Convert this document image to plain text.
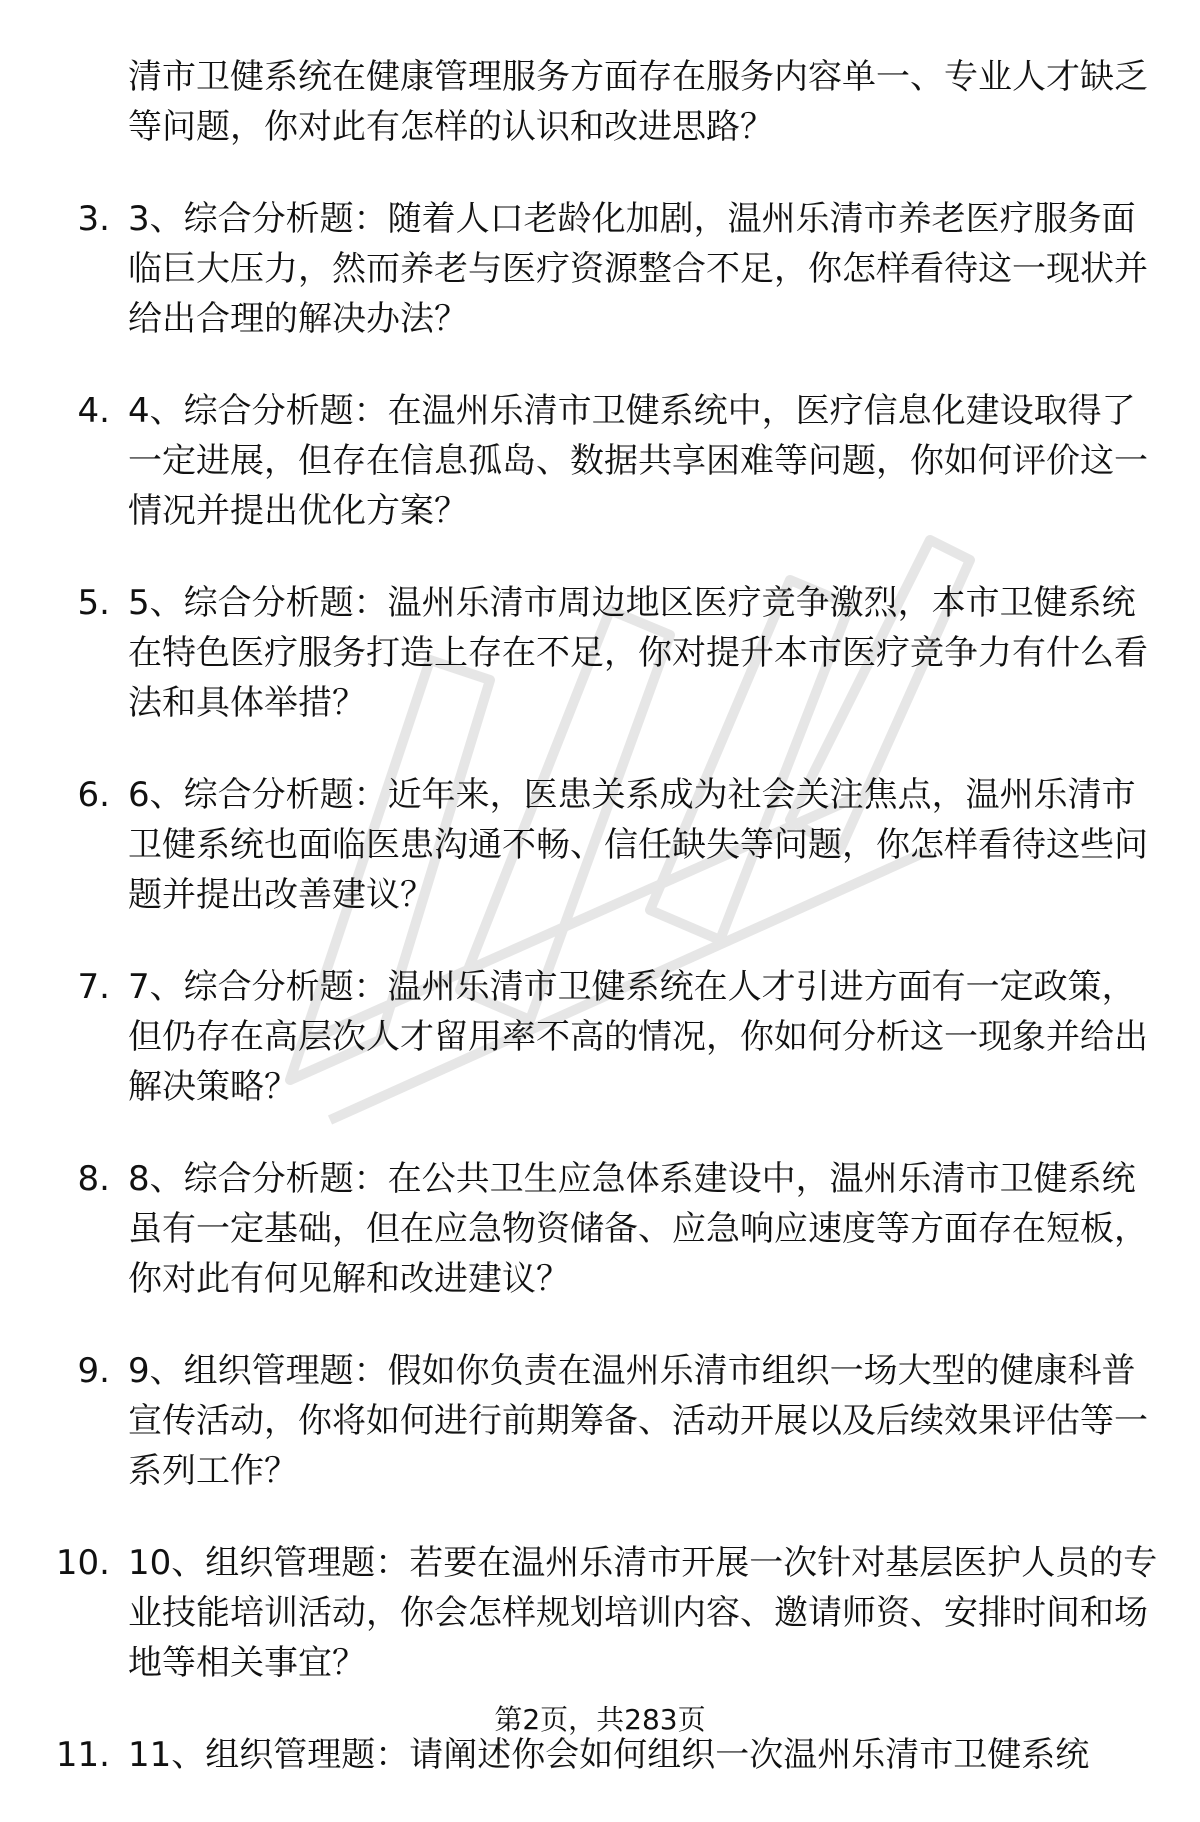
清市卫健系统在健康管理服务方面存在服务内容单一、专业人才缺乏等问题，你对此有怎样的认识和改进思路？
3. 3、综合分析题：随着人口老龄化加剧，温州乐清市养老医疗服务面临巨大压力，然而养老与医疗资源整合不足，你怎样看待这一现状并给出合理的解决办法？
4. 4、综合分析题：在温州乐清市卫健系统中，医疗信息化建设取得了一定进展，但存在信息孤岛、数据共享困难等问题，你如何评价这一情况并提出优化方案？
5. 5、综合分析题：温州乐清市周边地区医疗竞争激烈，本市卫健系统在特色医疗服务打造上存在不足，你对提升本市医疗竞争力有什么看法和具体举措？
6. 6、综合分析题：近年来，医患关系成为社会关注焦点，温州乐清市卫健系统也面临医患沟通不畅、信任缺失等问题，你怎样看待这些问题并提出改善建议？
7. 7、综合分析题：温州乐清市卫健系统在人才引进方面有一定政策，但仍存在高层次人才留用率不高的情况，你如何分析这一现象并给出解决策略？
8. 8、综合分析题：在公共卫生应急体系建设中，温州乐清市卫健系统虽有一定基础，但在应急物资储备、应急响应速度等方面存在短板，你对此有何见解和改进建议？
9. 9、组织管理题：假如你负责在温州乐清市组织一场大型的健康科普宣传活动，你将如何进行前期筹备、活动开展以及后续效果评估等一系列工作？
10. 10、组织管理题：若要在温州乐清市开展一次针对基层医护人员的专业技能培训活动，你会怎样规划培训内容、邀请师资、安排时间和场地等相关事宜？
11. 11、组织管理题：请阐述你会如何组织一次温州乐清市卫健系统
第2页，共283页
